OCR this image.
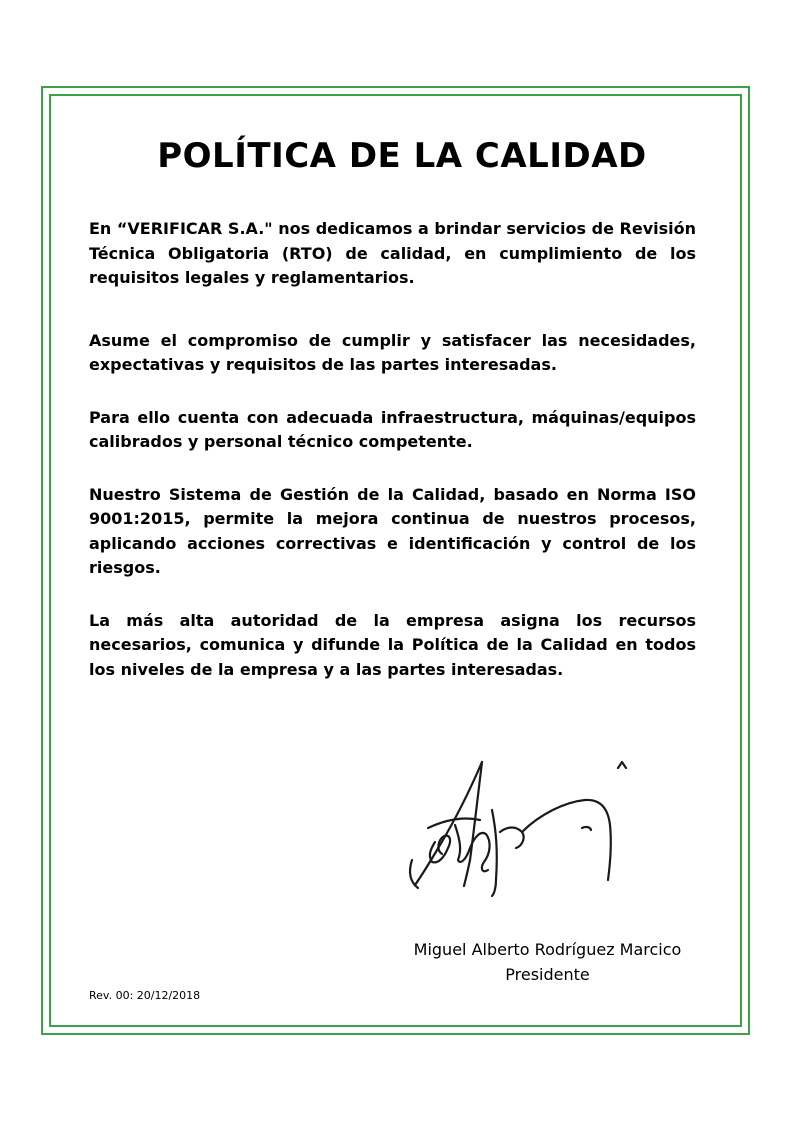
POLÍTICA DE LA CALIDAD

En “VERIFICAR S.A." nos dedicamos a brindar servicios de Revisión Técnica Obligatoria (RTO) de calidad, en cumplimiento de los requisitos legales y reglamentarios.

Asume el compromiso de cumplir y satisfacer las necesidades, expectativas y requisitos de las partes interesadas.

Para ello cuenta con adecuada infraestructura, máquinas/equipos calibrados y personal técnico competente.

Nuestro Sistema de Gestión de la Calidad, basado en Norma ISO 9001:2015, permite la mejora continua de nuestros procesos, aplicando acciones correctivas e identificación y control de los riesgos.

La más alta autoridad de la empresa asigna los recursos necesarios, comunica y difunde la Política de la Calidad en todos los niveles de la empresa y a las partes interesadas.

Miguel Alberto Rodríguez Marcico
Presidente
Rev. 00: 20/12/2018
